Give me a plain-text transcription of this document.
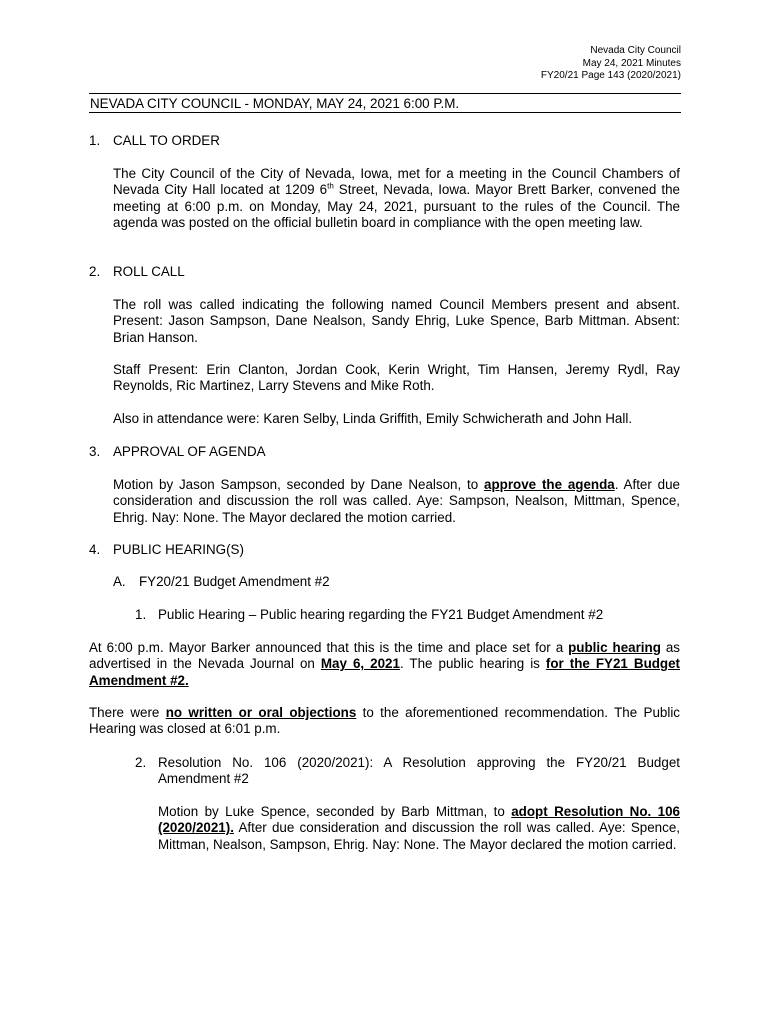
Nevada City Council
May 24, 2021 Minutes
FY20/21 Page 143 (2020/2021)
NEVADA CITY COUNCIL - MONDAY, MAY 24, 2021 6:00 P.M.
1. CALL TO ORDER
The City Council of the City of Nevada, Iowa, met for a meeting in the Council Chambers of Nevada City Hall located at 1209 6th Street, Nevada, Iowa. Mayor Brett Barker, convened the meeting at 6:00 p.m. on Monday, May 24, 2021, pursuant to the rules of the Council. The agenda was posted on the official bulletin board in compliance with the open meeting law.
2. ROLL CALL
The roll was called indicating the following named Council Members present and absent. Present: Jason Sampson, Dane Nealson, Sandy Ehrig, Luke Spence, Barb Mittman. Absent: Brian Hanson.
Staff Present: Erin Clanton, Jordan Cook, Kerin Wright, Tim Hansen, Jeremy Rydl, Ray Reynolds, Ric Martinez, Larry Stevens and Mike Roth.
Also in attendance were: Karen Selby, Linda Griffith, Emily Schwicherath and John Hall.
3. APPROVAL OF AGENDA
Motion by Jason Sampson, seconded by Dane Nealson, to approve the agenda. After due consideration and discussion the roll was called. Aye: Sampson, Nealson, Mittman, Spence, Ehrig. Nay: None. The Mayor declared the motion carried.
4. PUBLIC HEARING(S)
A. FY20/21 Budget Amendment #2
1. Public Hearing – Public hearing regarding the FY21 Budget Amendment #2
At 6:00 p.m. Mayor Barker announced that this is the time and place set for a public hearing as advertised in the Nevada Journal on May 6, 2021. The public hearing is for the FY21 Budget Amendment #2.
There were no written or oral objections to the aforementioned recommendation. The Public Hearing was closed at 6:01 p.m.
2. Resolution No. 106 (2020/2021): A Resolution approving the FY20/21 Budget Amendment #2
Motion by Luke Spence, seconded by Barb Mittman, to adopt Resolution No. 106 (2020/2021). After due consideration and discussion the roll was called. Aye: Spence, Mittman, Nealson, Sampson, Ehrig. Nay: None. The Mayor declared the motion carried.
